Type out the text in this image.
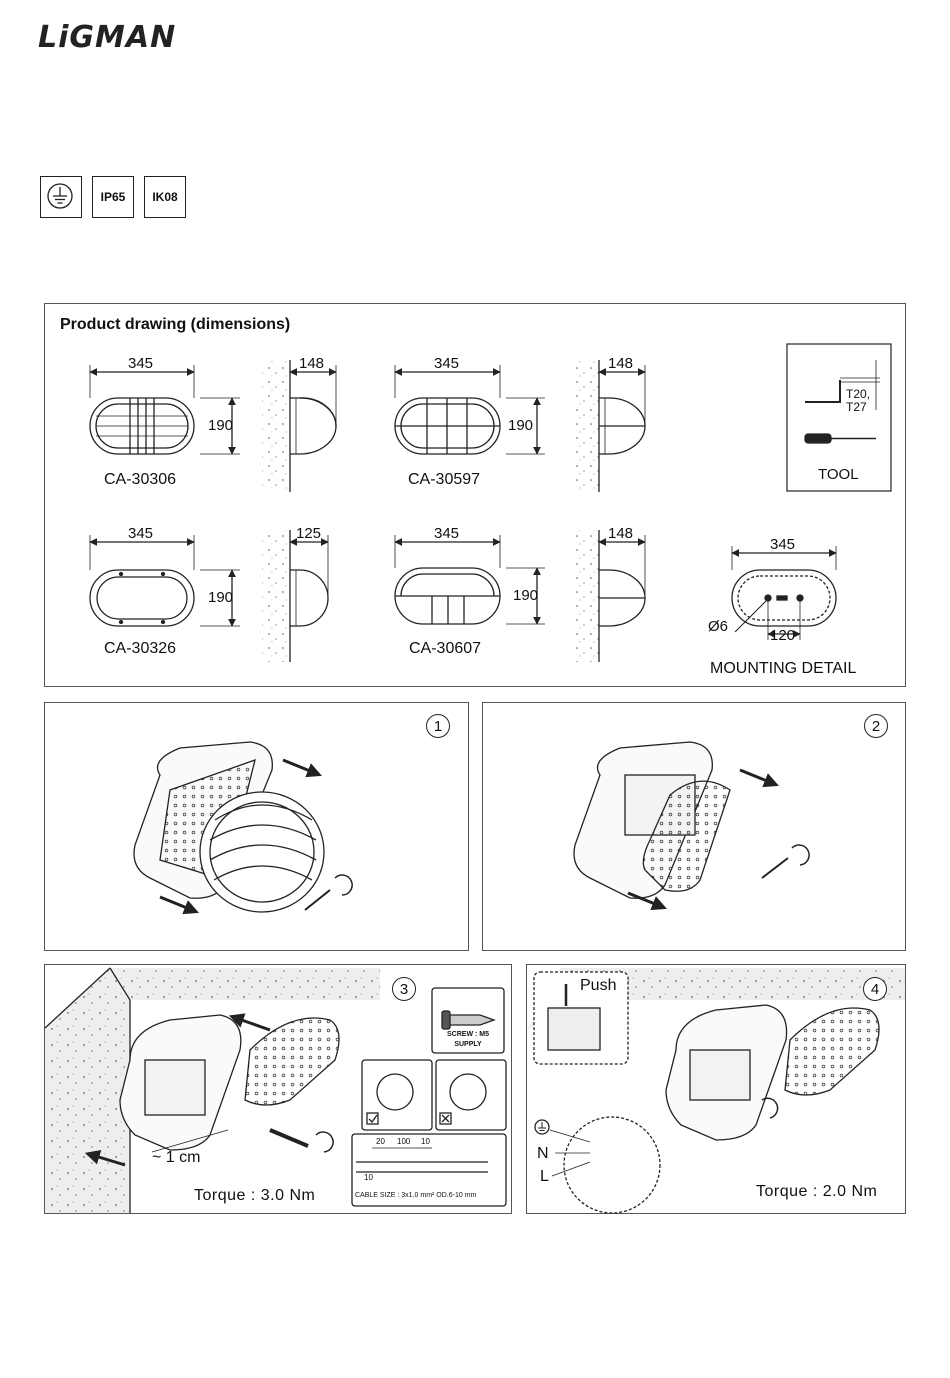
LiGMAN
IP65	IK08
Product drawing (dimensions)
345
190
148
CA-30306
345
190
148
CA-30597
T20,
T27
TOOL
345
190
125
CA-30326
345
190
148
CA-30607
345
Ø6
120
MOUNTING DETAIL
1	2
3	4
SCREW : M5
SUPPLY
~ 1 cm
20 100 10
10
CABLE SIZE : 3x1.0 mm² OD.6-10 mm
Torque : 3.0 Nm
Push
N
L
Torque : 2.0 Nm
